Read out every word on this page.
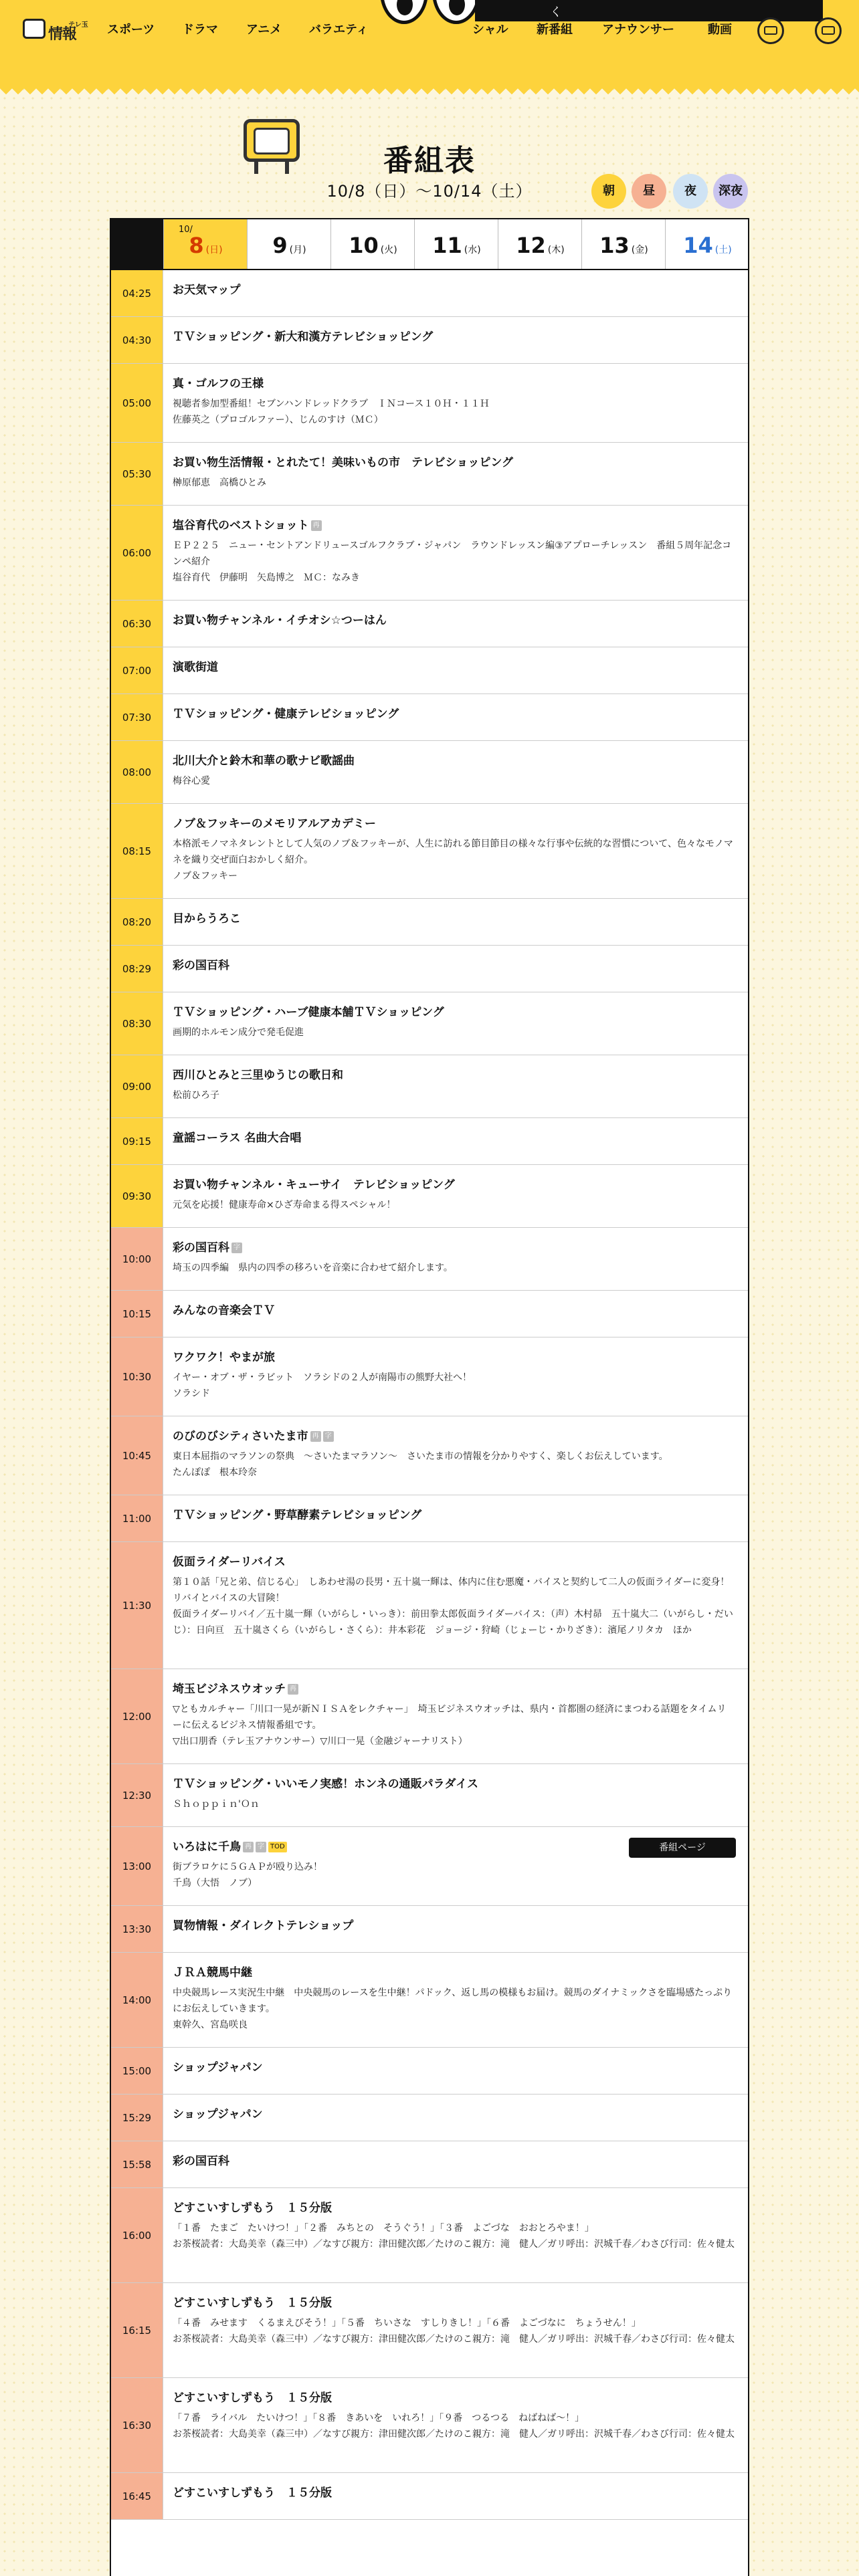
テレ玉
情報	スポーツ ドラマ アニメ バラエティ	シャル 新番組 アナウンサー	動画
く
番組表
10/8（日）〜10/14（土）	朝	昼	夜	深夜
10/
8 (日)	9 (月)	10 (火)	11 (水)	12 (木)	13 (金)	14 (土)
04:25	お天気マップ
04:30	ＴＶショッピング・新大和漢方テレビショッピング
05:00
真・ゴルフの王様
視聴者参加型番組！セブンハンドレッドクラブ　ＩＮコース１０Ｈ・１１Ｈ
佐藤英之（プロゴルファー）、じんのすけ（ＭＣ）
05:30
お買い物生活情報・とれたて！美味いもの市　テレビショッピング
榊原郁恵　高橋ひとみ
06:00
塩谷育代のベストショット 再
ＥＰ２２５　ニュー・セントアンドリュースゴルフクラブ・ジャパン　ラウンドレッスン編③アプローチレッスン　番組５周年記念コンペ紹介
塩谷育代　伊藤明　矢島博之　ＭＣ：なみき
06:30	お買い物チャンネル・イチオシ☆つーはん
07:00	演歌街道
07:30	ＴＶショッピング・健康テレビショッピング
08:00
北川大介と鈴木和華の歌ナビ歌謡曲
梅谷心愛
08:15
ノブ＆フッキーのメモリアルアカデミー
本格派モノマネタレントとして人気のノブ＆フッキーが、人生に訪れる節目節目の様々な行事や伝統的な習慣について、色々なモノマネを織り交ぜ面白おかしく紹介。
ノブ＆フッキー
08:20	目からうろこ
08:29	彩の国百科
08:30
ＴＶショッピング・ハーブ健康本舗ＴＶショッピング
画期的ホルモン成分で発毛促進
09:00
西川ひとみと三里ゆうじの歌日和
松前ひろ子
09:15	童謡コーラス 名曲大合唱
09:30
お買い物チャンネル・キューサイ　テレビショッピング
元気を応援！健康寿命×ひざ寿命まる得スペシャル！
10:00
彩の国百科 字
埼玉の四季編　県内の四季の移ろいを音楽に合わせて紹介します。
10:15	みんなの音楽会ＴＶ
10:30
ワクワク！やまが旅
イヤー・オブ・ザ・ラビット　ソラシドの２人が南陽市の熊野大社へ！
ソラシド
10:45
のびのびシティさいたま市 再 字
東日本屈指のマラソンの祭典　〜さいたまマラソン〜　さいたま市の情報を分かりやすく、楽しくお伝えしています。
たんぽぽ　根本玲奈
11:00	ＴＶショッピング・野草酵素テレビショッピング
11:30
仮面ライダーリバイス
第１０話「兄と弟、信じる心」　しあわせ湯の長男・五十嵐一輝は、体内に住む悪魔・バイスと契約して二人の仮面ライダーに変身！リバイとバイスの大冒険！
仮面ライダーリバイ／五十嵐一輝（いがらし・いっき）：前田拳太郎仮面ライダーバイス：（声）木村昴　五十嵐大二（いがらし・だいじ）：日向亘　五十嵐さくら（いがらし・さくら）：井本彩花　ジョージ・狩崎（じょーじ・かりざき）：濱尾ノリタカ　ほか
12:00
埼玉ビジネスウオッチ 再
▽ともカルチャー「川口一晃が新ＮＩＳＡをレクチャー」　埼玉ビジネスウオッチは、県内・首都圏の経済にまつわる話題をタイムリーに伝えるビジネス情報番組です。
▽出口朋香（テレ玉アナウンサー）▽川口一晃（金融ジャーナリスト）
12:30
ＴＶショッピング・いいモノ実感！ホンネの通販パラダイス
Ｓｈｏｐｐｉｎ'Ｏｎ
13:00
いろはに千鳥 再 字 TOD
街ブラロケに５ＧＡＰが殴り込み！
千鳥（大悟　ノブ）
番組ページ
13:30	買物情報・ダイレクトテレショップ
14:00
ＪＲＡ競馬中継
中央競馬レース実況生中継　中央競馬のレースを生中継！パドック、返し馬の模様もお届け。競馬のダイナミックさを臨場感たっぷりにお伝えしていきます。
東幹久、宮島咲良
15:00	ショップジャパン
15:29	ショップジャパン
15:58	彩の国百科
16:00
どすこいすしずもう　１５分版
「１番　たまご　たいけつ！」「２番　みちとの　そうぐう！」「３番　よごづな　おおとろやま！」
お茶桜読者：大島美幸（森三中）／なすび親方：津田健次郎／たけのこ親方：滝　健人／ガリ呼出：沢城千春／わさび行司：佐々健太
16:15
どすこいすしずもう　１５分版
「４番　みせます　くるまえびそう！」「５番　ちいさな　すしりきし！」「６番　よごづなに　ちょうせん！」
お茶桜読者：大島美幸（森三中）／なすび親方：津田健次郎／たけのこ親方：滝　健人／ガリ呼出：沢城千春／わさび行司：佐々健太
16:30
どすこいすしずもう　１５分版
「７番　ライバル　たいけつ！」「８番　きあいを　いれろ！」「９番　つるつる　ねばねば〜！」
お茶桜読者：大島美幸（森三中）／なすび親方：津田健次郎／たけのこ親方：滝　健人／ガリ呼出：沢城千春／わさび行司：佐々健太
16:45	どすこいすしずもう　１５分版
